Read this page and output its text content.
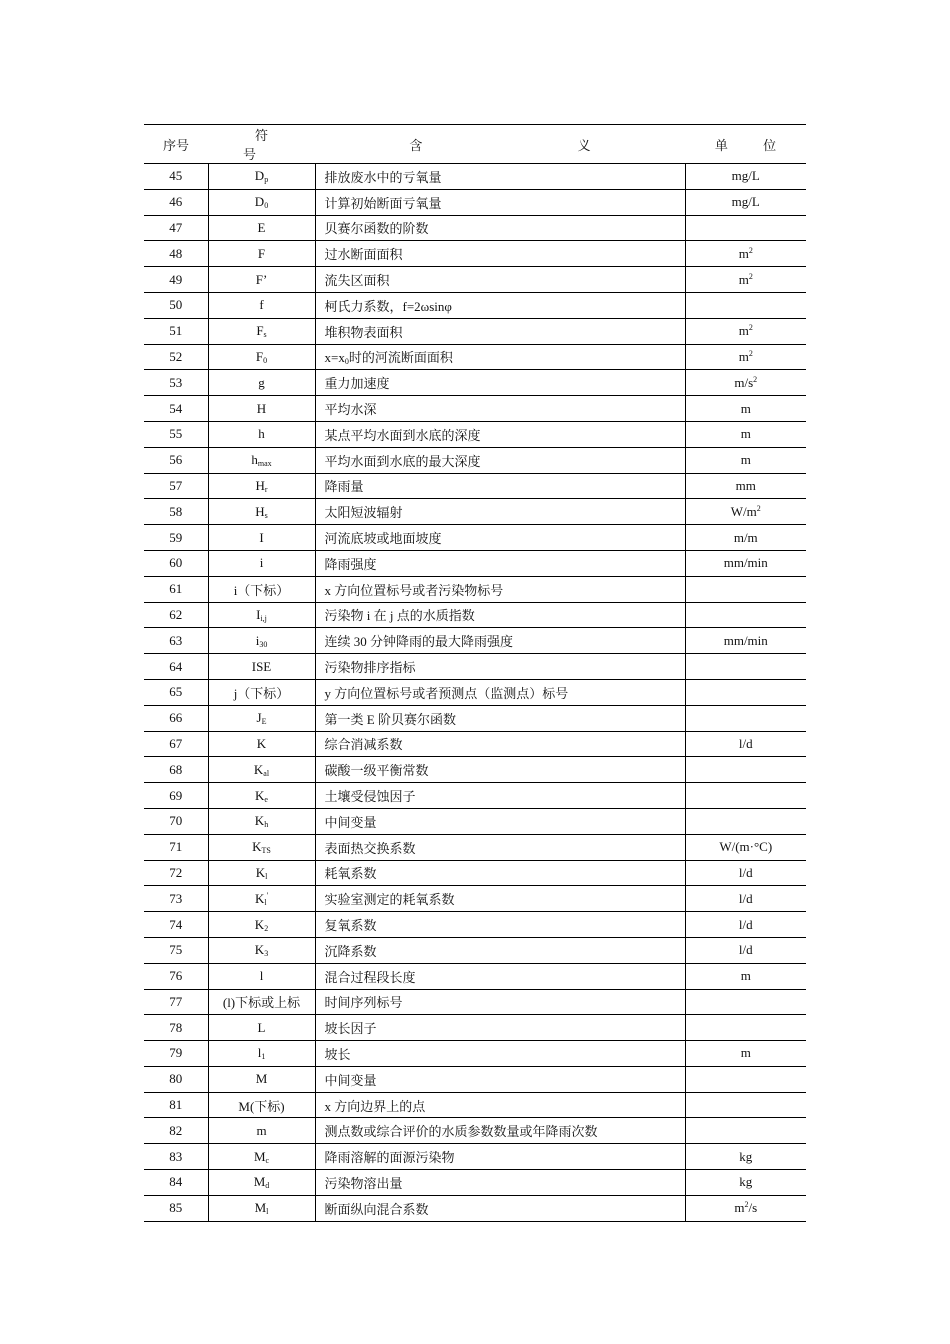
序号	符 号	含 义	单 位
45	$D_p$	排放废水中的亏氧量	mg/L
46	$D_0$	计算初始断面亏氧量	mg/L
47	E	贝赛尔函数的阶数	
48	F	过水断面面积	$m^2$
49	F’	流失区面积	$m^2$
50	f	柯氏力系数，f=2ωsinφ	
51	$F_s$	堆积物表面积	$m^2$
52	$F_0$	$x=x_0$时的河流断面面积	$m^2$
53	g	重力加速度	$m/s^2$
54	H	平均水深	m
55	h	某点平均水面到水底的深度	m
56	$h_{max}$	平均水面到水底的最大深度	m
57	$H_r$	降雨量	mm
58	$H_s$	太阳短波辐射	$W/m^2$
59	I	河流底坡或地面坡度	m/m
60	i	降雨强度	mm/min
61	i（下标）	x 方向位置标号或者污染物标号	
62	$I_{i,j}$	污染物 i 在 j 点的水质指数	
63	$i_{30}$	连续 30 分钟降雨的最大降雨强度	mm/min
64	ISE	污染物排序指标	
65	j（下标）	y 方向位置标号或者预测点（监测点）标号	
66	$J_E$	第一类 E 阶贝赛尔函数	
67	K	综合消减系数	l/d
68	$K_{al}$	碳酸一级平衡常数	
69	$K_e$	土壤受侵蚀因子	
70	$K_h$	中间变量	
71	$K_{TS}$	表面热交换系数	W/(m·°C)
72	$K_l$	耗氧系数	l/d
73	$K_l'$	实验室测定的耗氧系数	l/d
74	$K_2$	复氧系数	l/d
75	$K_3$	沉降系数	l/d
76	l	混合过程段长度	m
77	(l)下标或上标	时间序列标号	
78	L	坡长因子	
79	$l_1$	坡长	m
80	M	中间变量	
81	M(下标)	x 方向边界上的点	
82	m	测点数或综合评价的水质参数数量或年降雨次数	
83	$M_c$	降雨溶解的面源污染物	kg
84	$M_d$	污染物溶出量	kg
85	$M_l$	断面纵向混合系数	$m^2/s$
